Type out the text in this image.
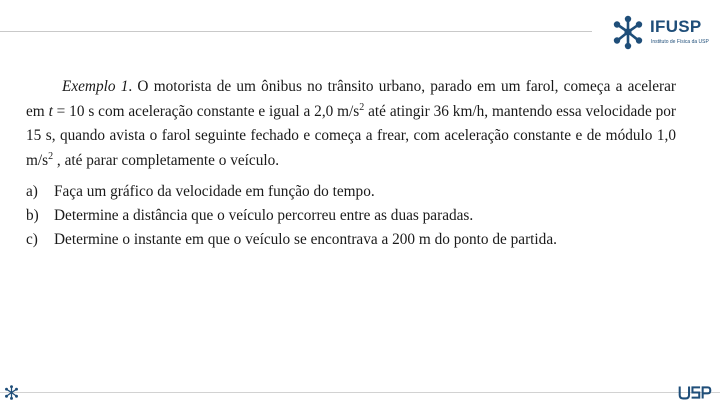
IFUSP
Instituto de Física da USP

Exemplo 1. O motorista de um ônibus no trânsito urbano, parado em um farol, começa a acelerar em t = 10 s com aceleração constante e igual a 2,0 $m/s^2$ até atingir 36 km/h, mantendo essa velocidade por 15 s, quando avista o farol seguinte fechado e começa a frear, com aceleração constante e de módulo 1,0 $m/s^2$ , até parar completamente o veículo.

a)	Faça um gráfico da velocidade em função do tempo.
b) Determine a distância que o veículo percorreu entre as duas paradas.
c)	Determine o instante em que o veículo se encontrava a 200 m do ponto de partida.
